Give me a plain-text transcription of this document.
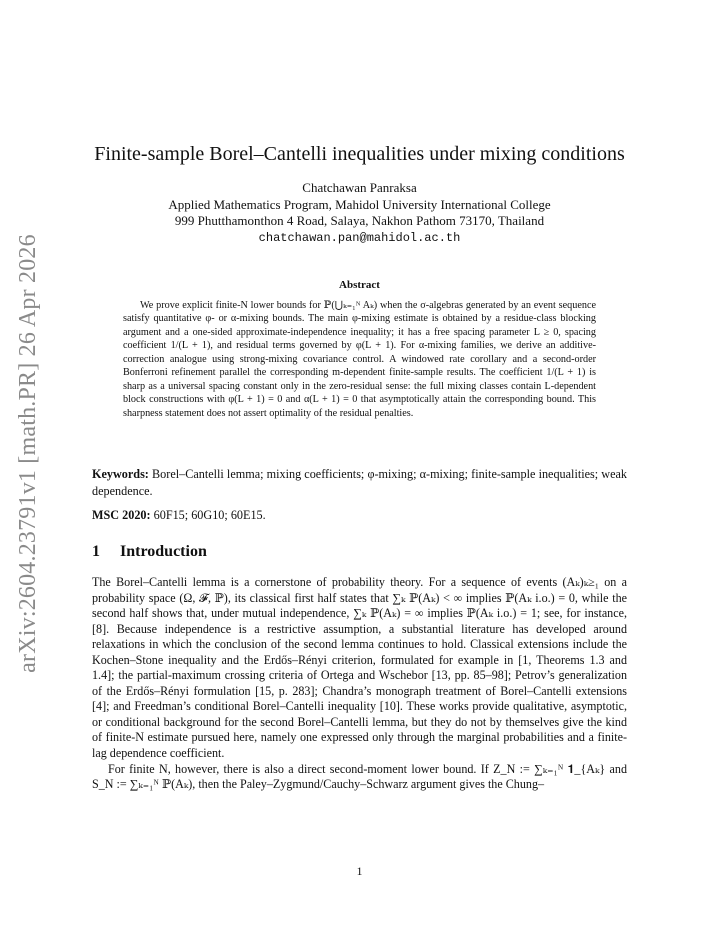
arXiv:2604.23791v1 [math.PR] 26 Apr 2026
Finite-sample Borel–Cantelli inequalities under mixing conditions
Chatchawan Panraksa
Applied Mathematics Program, Mahidol University International College
999 Phutthamonthon 4 Road, Salaya, Nakhon Pathom 73170, Thailand
chatchawan.pan@mahidol.ac.th
Abstract

We prove explicit finite-N lower bounds for ℙ(⋃ₖ₌₁ᴺ Aₖ) when the σ-algebras generated by an event sequence satisfy quantitative φ- or α-mixing bounds. The main φ-mixing estimate is obtained by a residue-class blocking argument and a one-sided approximate-independence inequality; it has a free spacing parameter L ≥ 0, spacing coefficient 1/(L + 1), and residual terms governed by φ(L + 1). For α-mixing families, we derive an additive-correction analogue using strong-mixing covariance control. A windowed rate corollary and a second-order Bonferroni refinement parallel the corresponding m-dependent finite-sample results. The coefficient 1/(L + 1) is sharp as a universal spacing constant only in the zero-residual sense: the full mixing classes contain L-dependent block constructions with φ(L + 1) = 0 and α(L + 1) = 0 that asymptotically attain the corresponding bound. This sharpness statement does not assert optimality of the residual penalties.

Keywords: Borel–Cantelli lemma; mixing coefficients; φ-mixing; α-mixing; finite-sample inequalities; weak dependence.

MSC 2020: 60F15; 60G10; 60E15.

1 Introduction

The Borel–Cantelli lemma is a cornerstone of probability theory. For a sequence of events (Aₖ)ₖ≥₁ on a probability space (Ω, 𝓕, ℙ), its classical first half states that ∑ₖ ℙ(Aₖ) < ∞ implies ℙ(Aₖ i.o.) = 0, while the second half shows that, under mutual independence, ∑ₖ ℙ(Aₖ) = ∞ implies ℙ(Aₖ i.o.) = 1; see, for instance, [8]. Because independence is a restrictive assumption, a substantial literature has developed around relaxations in which the conclusion of the second lemma continues to hold. Classical extensions include the Kochen–Stone inequality and the Erdős–Rényi criterion, formulated for example in [1, Theorems 1.3 and 1.4]; the partial-maximum crossing criteria of Ortega and Wschebor [13, pp. 85–98]; Petrov’s generalization of the Erdős–Rényi formulation [15, p. 283]; Chandra’s monograph treatment of Borel–Cantelli extensions [4]; and Freedman’s conditional Borel–Cantelli inequality [10]. These works provide qualitative, asymptotic, or conditional background for the second Borel–Cantelli lemma, but they do not by themselves give the kind of finite-N estimate pursued here, namely one expressed only through the marginal probabilities and a finite-lag dependence coefficient.

For finite N, however, there is also a direct second-moment lower bound. If Z_N := ∑ₖ₌₁ᴺ 𝟏_{Aₖ} and S_N := ∑ₖ₌₁ᴺ ℙ(Aₖ), then the Paley–Zygmund/Cauchy–Schwarz argument gives the Chung–

1
